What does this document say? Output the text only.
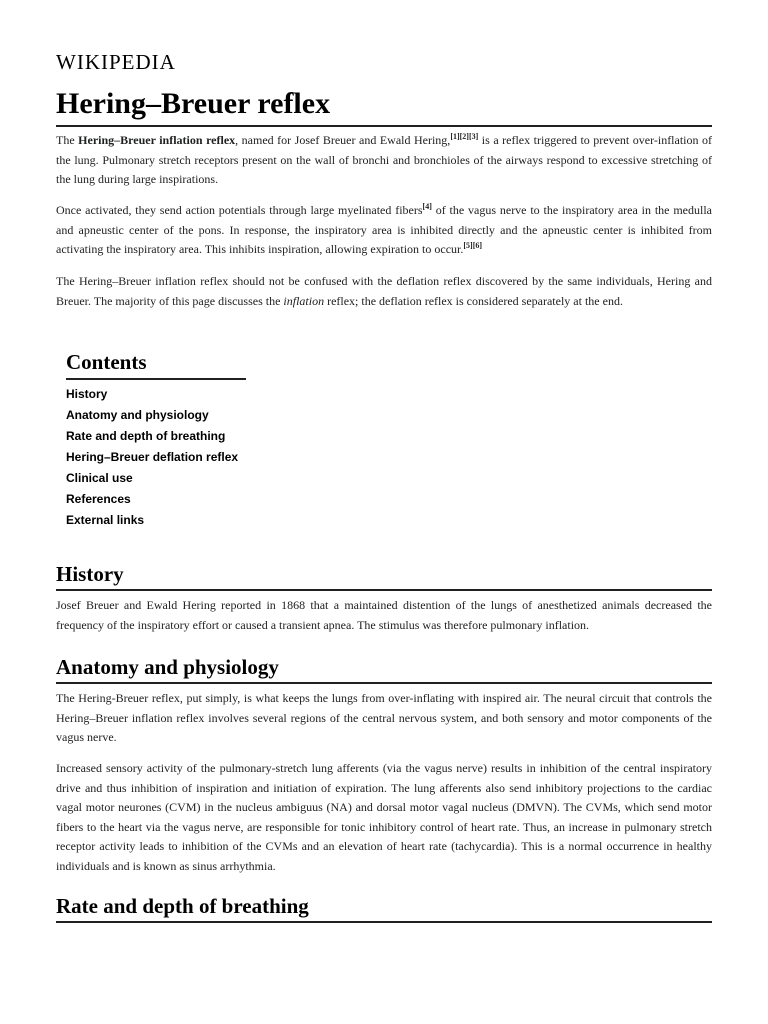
WIKIPEDIA
Hering–Breuer reflex

The Hering–Breuer inflation reflex, named for Josef Breuer and Ewald Hering,[1][2][3] is a reflex triggered to prevent over-inflation of the lung. Pulmonary stretch receptors present on the wall of bronchi and bronchioles of the airways respond to excessive stretching of the lung during large inspirations.

Once activated, they send action potentials through large myelinated fibers[4] of the vagus nerve to the inspiratory area in the medulla and apneustic center of the pons. In response, the inspiratory area is inhibited directly and the apneustic center is inhibited from activating the inspiratory area. This inhibits inspiration, allowing expiration to occur.[5][6]

The Hering–Breuer inflation reflex should not be confused with the deflation reflex discovered by the same individuals, Hering and Breuer. The majority of this page discusses the inflation reflex; the deflation reflex is considered separately at the end.

Contents
History
Anatomy and physiology
Rate and depth of breathing
Hering–Breuer deflation reflex
Clinical use
References
External links
History

Josef Breuer and Ewald Hering reported in 1868 that a maintained distention of the lungs of anesthetized animals decreased the frequency of the inspiratory effort or caused a transient apnea. The stimulus was therefore pulmonary inflation.

Anatomy and physiology

The Hering-Breuer reflex, put simply, is what keeps the lungs from over-inflating with inspired air. The neural circuit that controls the Hering–Breuer inflation reflex involves several regions of the central nervous system, and both sensory and motor components of the vagus nerve.

Increased sensory activity of the pulmonary-stretch lung afferents (via the vagus nerve) results in inhibition of the central inspiratory drive and thus inhibition of inspiration and initiation of expiration. The lung afferents also send inhibitory projections to the cardiac vagal motor neurones (CVM) in the nucleus ambiguus (NA) and dorsal motor vagal nucleus (DMVN). The CVMs, which send motor fibers to the heart via the vagus nerve, are responsible for tonic inhibitory control of heart rate. Thus, an increase in pulmonary stretch receptor activity leads to inhibition of the CVMs and an elevation of heart rate (tachycardia). This is a normal occurrence in healthy individuals and is known as sinus arrhythmia.

Rate and depth of breathing
